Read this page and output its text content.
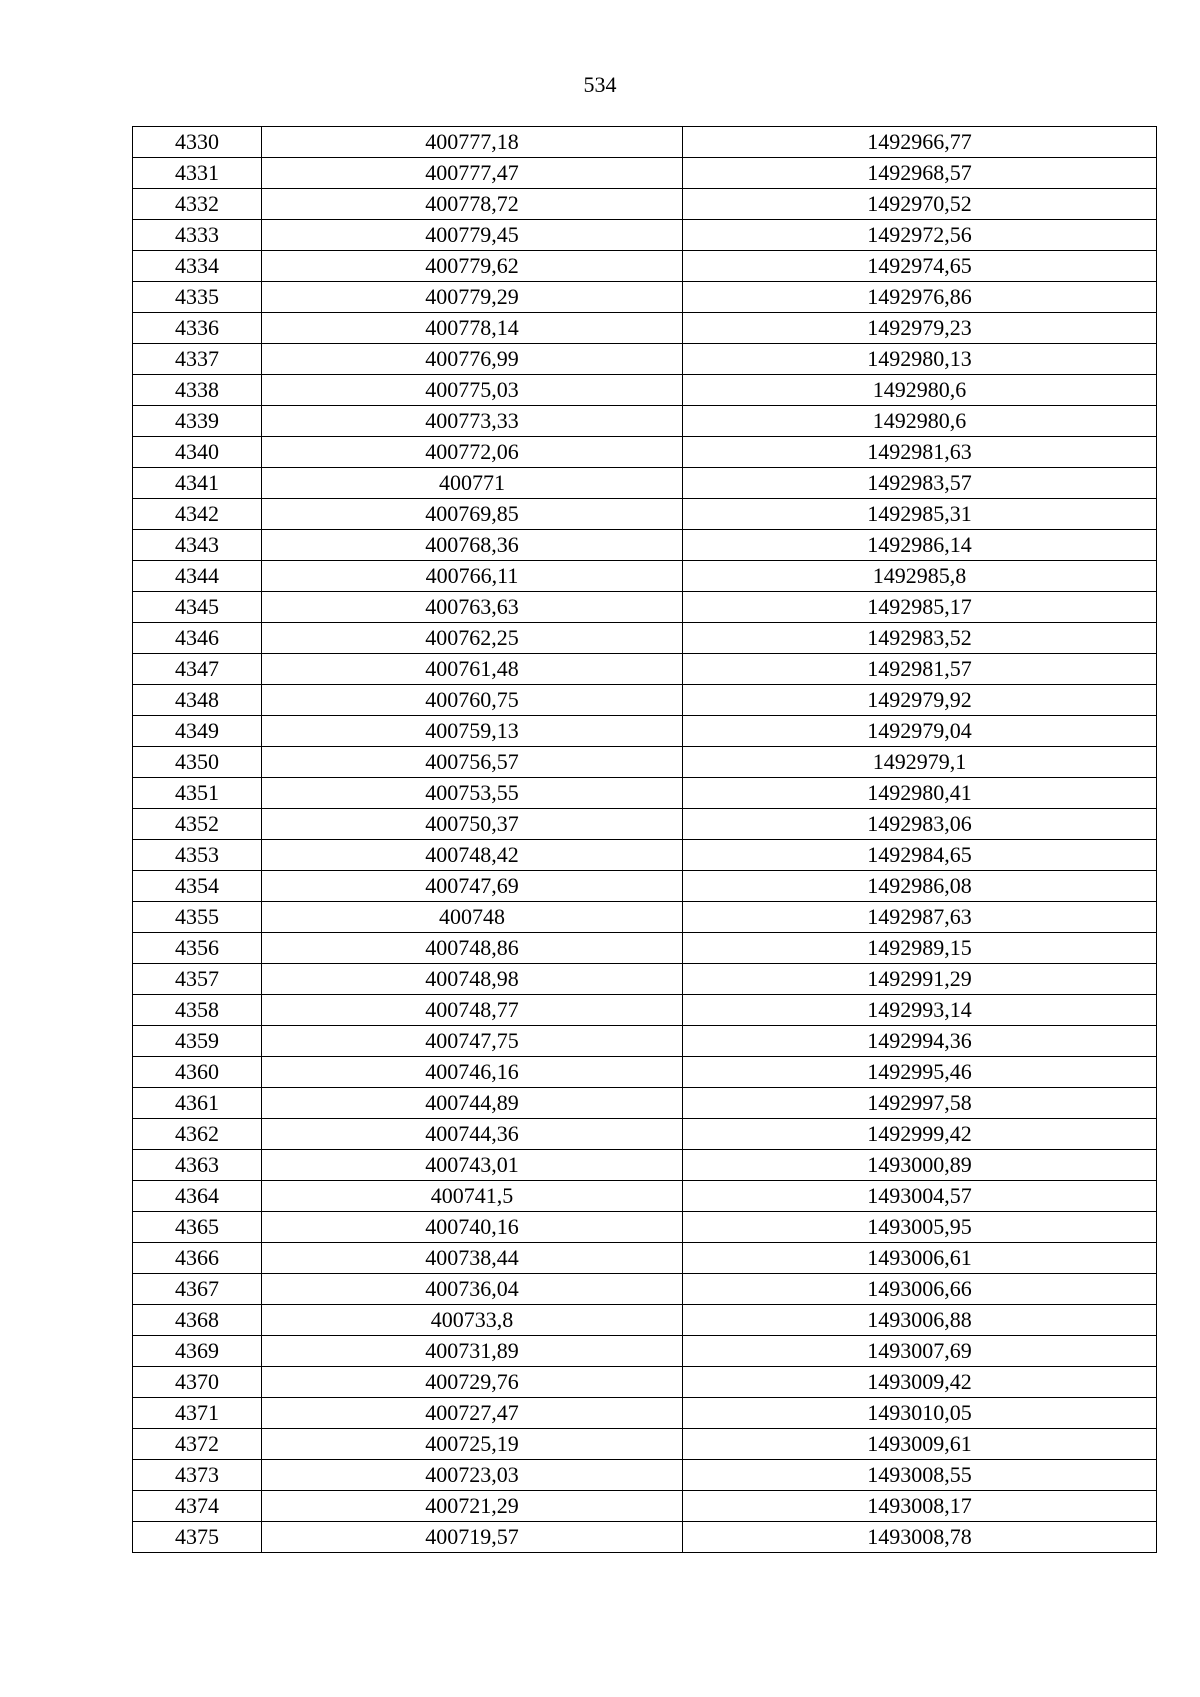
534
4330	400777,18	1492966,77
4331	400777,47	1492968,57
4332	400778,72	1492970,52
4333	400779,45	1492972,56
4334	400779,62	1492974,65
4335	400779,29	1492976,86
4336	400778,14	1492979,23
4337	400776,99	1492980,13
4338	400775,03	1492980,6
4339	400773,33	1492980,6
4340	400772,06	1492981,63
4341	400771	1492983,57
4342	400769,85	1492985,31
4343	400768,36	1492986,14
4344	400766,11	1492985,8
4345	400763,63	1492985,17
4346	400762,25	1492983,52
4347	400761,48	1492981,57
4348	400760,75	1492979,92
4349	400759,13	1492979,04
4350	400756,57	1492979,1
4351	400753,55	1492980,41
4352	400750,37	1492983,06
4353	400748,42	1492984,65
4354	400747,69	1492986,08
4355	400748	1492987,63
4356	400748,86	1492989,15
4357	400748,98	1492991,29
4358	400748,77	1492993,14
4359	400747,75	1492994,36
4360	400746,16	1492995,46
4361	400744,89	1492997,58
4362	400744,36	1492999,42
4363	400743,01	1493000,89
4364	400741,5	1493004,57
4365	400740,16	1493005,95
4366	400738,44	1493006,61
4367	400736,04	1493006,66
4368	400733,8	1493006,88
4369	400731,89	1493007,69
4370	400729,76	1493009,42
4371	400727,47	1493010,05
4372	400725,19	1493009,61
4373	400723,03	1493008,55
4374	400721,29	1493008,17
4375	400719,57	1493008,78
